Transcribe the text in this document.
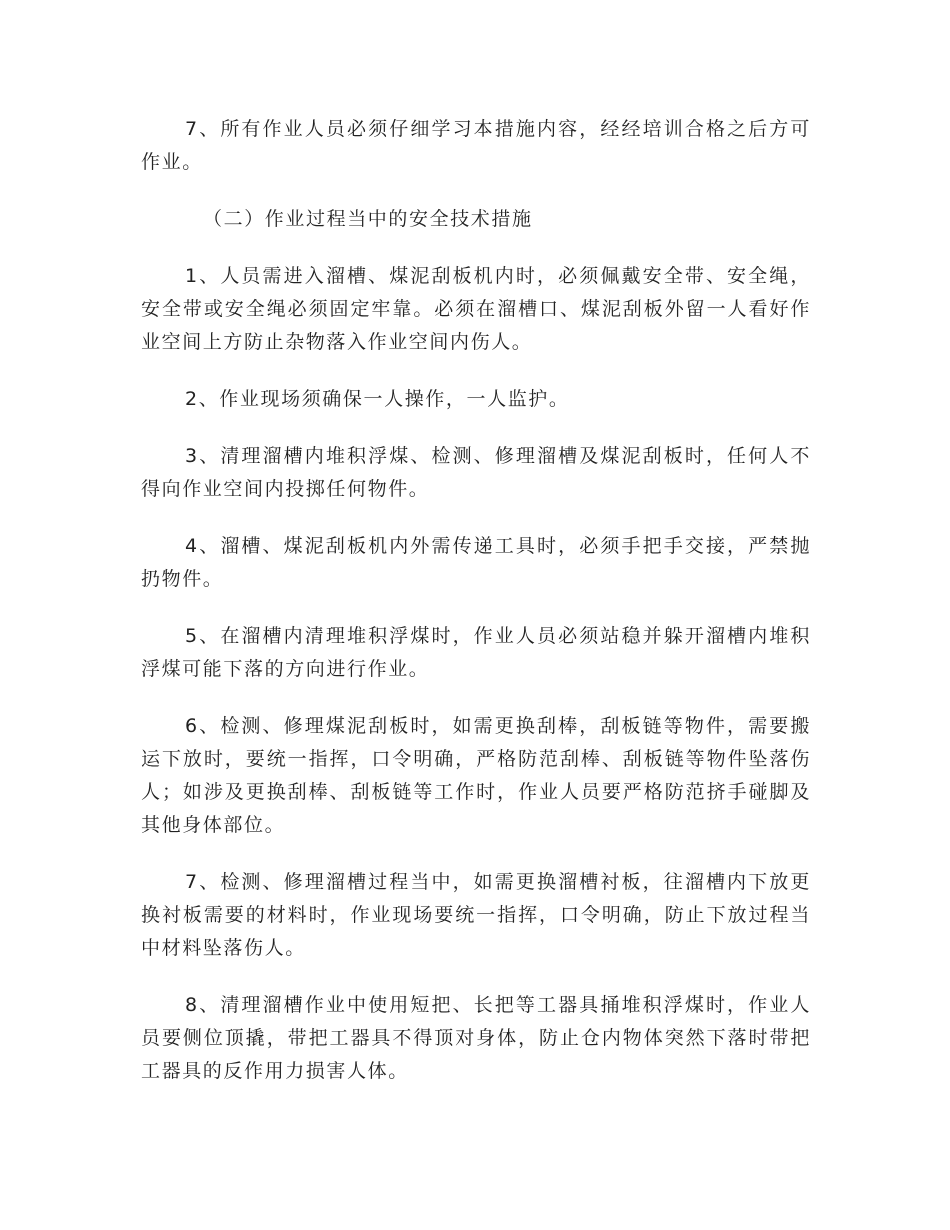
7、所有作业人员必须仔细学习本措施内容，经经培训合格之后方可作业。

（二）作业过程当中的安全技术措施

1、人员需进入溜槽、煤泥刮板机内时，必须佩戴安全带、安全绳，安全带或安全绳必须固定牢靠。必须在溜槽口、煤泥刮板外留一人看好作业空间上方防止杂物落入作业空间内伤人。

2、作业现场须确保一人操作，一人监护。

3、清理溜槽内堆积浮煤、检测、修理溜槽及煤泥刮板时，任何人不得向作业空间内投掷任何物件。

4、溜槽、煤泥刮板机内外需传递工具时，必须手把手交接，严禁抛扔物件。

5、在溜槽内清理堆积浮煤时，作业人员必须站稳并躲开溜槽内堆积浮煤可能下落的方向进行作业。

6、检测、修理煤泥刮板时，如需更换刮棒，刮板链等物件，需要搬运下放时，要统一指挥，口令明确，严格防范刮棒、刮板链等物件坠落伤人；如涉及更换刮棒、刮板链等工作时，作业人员要严格防范挤手碰脚及其他身体部位。

7、检测、修理溜槽过程当中，如需更换溜槽衬板，往溜槽内下放更换衬板需要的材料时，作业现场要统一指挥，口令明确，防止下放过程当中材料坠落伤人。

8、清理溜槽作业中使用短把、长把等工器具捅堆积浮煤时，作业人员要侧位顶撬，带把工器具不得顶对身体，防止仓内物体突然下落时带把工器具的反作用力损害人体。
